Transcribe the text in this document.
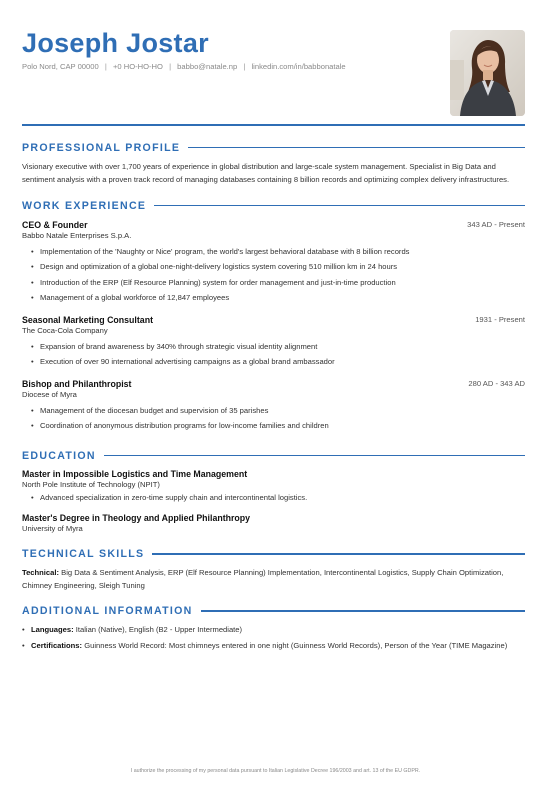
Joseph Jostar
Polo Nord, CAP 00000 | +0 HO-HO-HO | babbo@natale.np | linkedin.com/in/babbonatale
PROFESSIONAL PROFILE

Visionary executive with over 1,700 years of experience in global distribution and large-scale system management. Specialist in Big Data and sentiment analysis with a proven track record of managing databases containing 8 billion records and optimizing complex delivery infrastructures.

WORK EXPERIENCE
CEO & Founder	343 AD - Present
Babbo Natale Enterprises S.p.A.
• Implementation of the 'Naughty or Nice' program, the world's largest behavioral database with 8 billion records
• Design and optimization of a global one-night-delivery logistics system covering 510 million km in 24 hours
• Introduction of the ERP (Elf Resource Planning) system for order management and just-in-time production
• Management of a global workforce of 12,847 employees
Seasonal Marketing Consultant	1931 - Present
The Coca-Cola Company
• Expansion of brand awareness by 340% through strategic visual identity alignment
• Execution of over 90 international advertising campaigns as a global brand ambassador
Bishop and Philanthropist	280 AD - 343 AD
Diocese of Myra
• Management of the diocesan budget and supervision of 35 parishes
• Coordination of anonymous distribution programs for low-income families and children
EDUCATION
Master in Impossible Logistics and Time Management
North Pole Institute of Technology (NPIT)
• Advanced specialization in zero-time supply chain and intercontinental logistics.
Master's Degree in Theology and Applied Philanthropy
University of Myra
TECHNICAL SKILLS
Technical: Big Data & Sentiment Analysis, ERP (Elf Resource Planning) Implementation, Intercontinental Logistics, Supply Chain Optimization, Chimney Engineering, Sleigh Tuning
ADDITIONAL INFORMATION
• Languages: Italian (Native), English (B2 - Upper Intermediate)
• Certifications: Guinness World Record: Most chimneys entered in one night (Guinness World Records), Person of the Year (TIME Magazine)
I authorize the processing of my personal data pursuant to Italian Legislative Decree 196/2003 and art. 13 of the EU GDPR.
